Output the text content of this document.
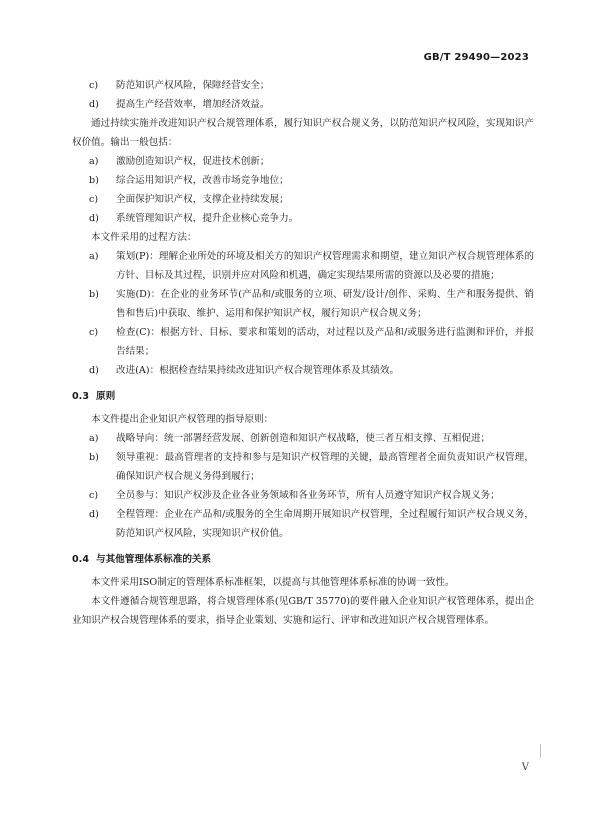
GB/T 29490—2023
c)	防范知识产权风险，保障经营安全；
d)	提高生产经营效率，增加经济效益。
通过持续实施并改进知识产权合规管理体系，履行知识产权合规义务，以防范知识产权风险，实现知识产权价值。输出一般包括：
a)	激励创造知识产权，促进技术创新；
b)	综合运用知识产权，改善市场竞争地位；
c)	全面保护知识产权，支撑企业持续发展；
d)	系统管理知识产权，提升企业核心竞争力。
本文件采用的过程方法：
a)	策划(P)：理解企业所处的环境及相关方的知识产权管理需求和期望，建立知识产权合规管理体系的方针、目标及其过程，识别并应对风险和机遇，确定实现结果所需的资源以及必要的措施；
b)	实施(D)：在企业的业务环节(产品和/或服务的立项、研发/设计/创作、采购、生产和服务提供、销售和售后)中获取、维护、运用和保护知识产权，履行知识产权合规义务；
c)	检查(C)：根据方针、目标、要求和策划的活动，对过程以及产品和/或服务进行监测和评价，并报告结果；
d)	改进(A)：根据检查结果持续改进知识产权合规管理体系及其绩效。
0.3 原则
本文件提出企业知识产权管理的指导原则：
a)	战略导向：统一部署经营发展、创新创造和知识产权战略，使三者互相支撑、互相促进；
b)	领导重视：最高管理者的支持和参与是知识产权管理的关键，最高管理者全面负责知识产权管理，确保知识产权合规义务得到履行；
c)	全员参与：知识产权涉及企业各业务领域和各业务环节，所有人员遵守知识产权合规义务；
d)	全程管理：企业在产品和/或服务的全生命周期开展知识产权管理，全过程履行知识产权合规义务，防范知识产权风险，实现知识产权价值。
0.4 与其他管理体系标准的关系
本文件采用ISO制定的管理体系标准框架，以提高与其他管理体系标准的协调一致性。
本文件遵循合规管理思路，将合规管理体系(见GB/T 35770)的要件融入企业知识产权管理体系，提出企业知识产权合规管理体系的要求，指导企业策划、实施和运行、评审和改进知识产权合规管理体系。
V
